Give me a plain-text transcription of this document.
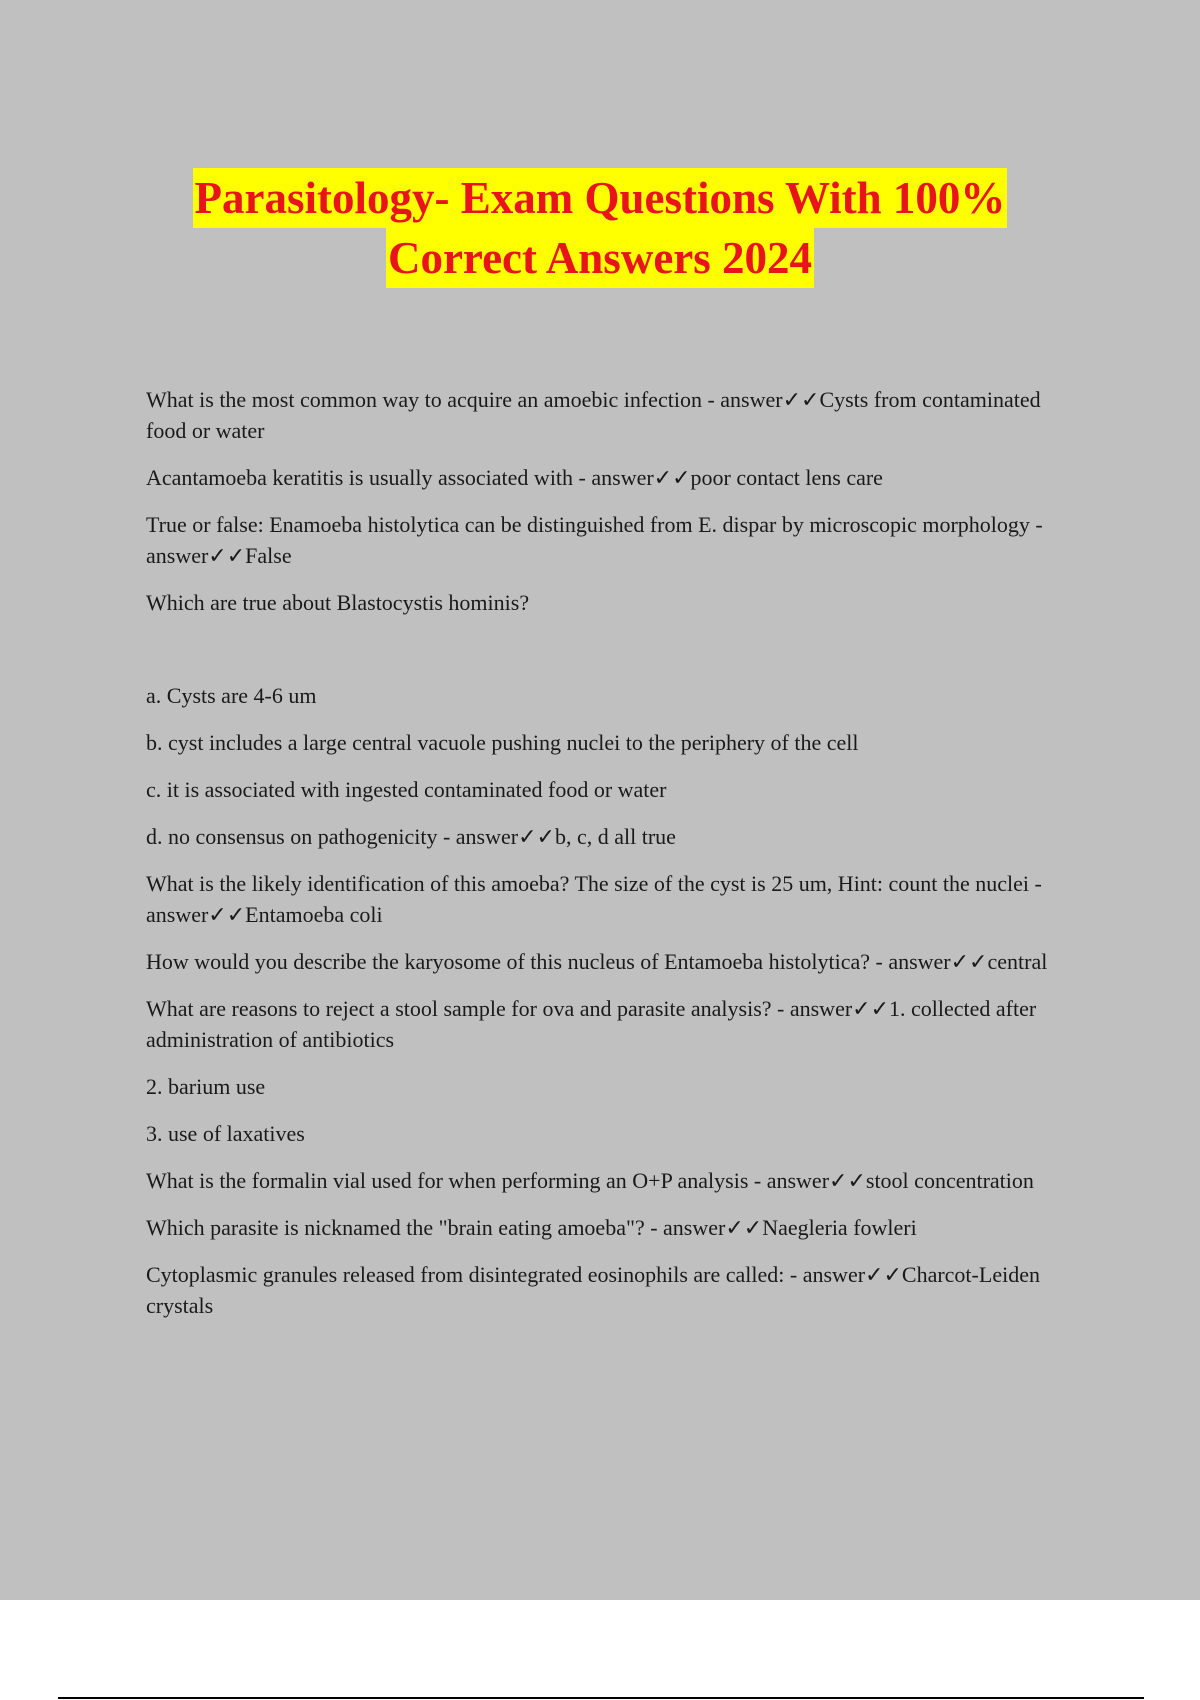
Parasitology- Exam Questions With 100%
Correct Answers 2024

What is the most common way to acquire an amoebic infection - answer✓✓Cysts from contaminated food or water

Acantamoeba keratitis is usually associated with - answer✓✓poor contact lens care

True or false: Enamoeba histolytica can be distinguished from E. dispar by microscopic morphology - answer✓✓False

Which are true about Blastocystis hominis?

a. Cysts are 4-6 um

b. cyst includes a large central vacuole pushing nuclei to the periphery of the cell

c. it is associated with ingested contaminated food or water

d. no consensus on pathogenicity - answer✓✓b, c, d all true

What is the likely identification of this amoeba? The size of the cyst is 25 um, Hint: count the nuclei - answer✓✓Entamoeba coli

How would you describe the karyosome of this nucleus of Entamoeba histolytica? - answer✓✓central

What are reasons to reject a stool sample for ova and parasite analysis? - answer✓✓1. collected after administration of antibiotics

2. barium use

3. use of laxatives

What is the formalin vial used for when performing an O+P analysis - answer✓✓stool concentration

Which parasite is nicknamed the "brain eating amoeba"? - answer✓✓Naegleria fowleri

Cytoplasmic granules released from disintegrated eosinophils are called: - answer✓✓Charcot-Leiden crystals
